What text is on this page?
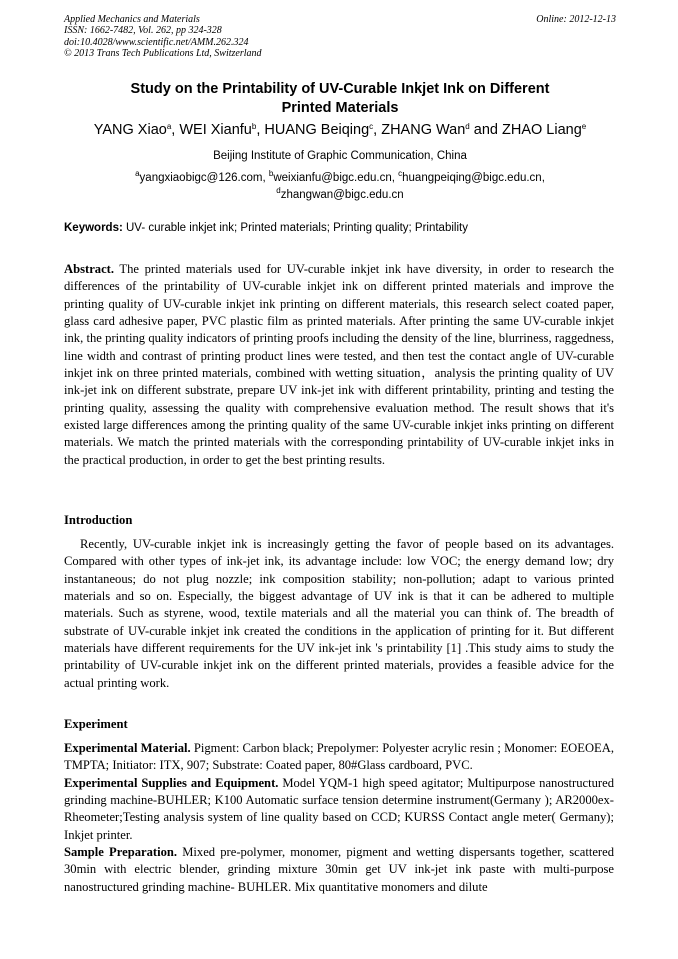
Applied Mechanics and Materials
ISSN: 1662-7482, Vol. 262, pp 324-328
doi:10.4028/www.scientific.net/AMM.262.324
© 2013 Trans Tech Publications Ltd, Switzerland
Online: 2012-12-13
Study on the Printability of UV-Curable Inkjet Ink on Different
Printed Materials
YANG Xiao$^a$, WEI Xianfu$^b$, HUANG Beiqing$^c$, ZHANG Wan$^d$ and ZHAO Liang$^e$
Beijing Institute of Graphic Communication, China
$^a$yangxiaobigc@126.com, $^b$weixianfu@bigc.edu.cn, $^c$huangpeiqing@bigc.edu.cn,
$^d$zhangwan@bigc.edu.cn
Keywords: UV- curable inkjet ink; Printed materials; Printing quality; Printability
Abstract. The printed materials used for UV-curable inkjet ink have diversity, in order to research the differences of the printability of UV-curable inkjet ink on different printed materials and improve the printing quality of UV-curable inkjet ink printing on different materials, this research select coated paper, glass card adhesive paper, PVC plastic film as printed materials. After printing the same UV-curable inkjet ink, the printing quality indicators of printing proofs including the density of the line, blurriness, raggedness, line width and contrast of printing product lines were tested, and then test the contact angle of UV-curable inkjet ink on three printed materials, combined with wetting situation，analysis the printing quality of UV ink-jet ink on different substrate, prepare UV ink-jet ink with different printability, printing and testing the printing quality, assessing the quality with comprehensive evaluation method. The result shows that it's existed large differences among the printing quality of the same UV-curable inkjet inks printing on different materials. We match the printed materials with the corresponding printability of UV-curable inkjet inks in the practical production, in order to get the best printing results.
Introduction

Recently, UV-curable inkjet ink is increasingly getting the favor of people based on its advantages. Compared with other types of ink-jet ink, its advantage include: low VOC; the energy demand low; dry instantaneous; do not plug nozzle; ink composition stability; non-pollution; adapt to various printed materials and so on. Especially, the biggest advantage of UV ink is that it can be adhered to multiple materials. Such as styrene, wood, textile materials and all the material you can think of. The breadth of substrate of UV-curable inkjet ink created the conditions in the application of printing for it. But different materials have different requirements for the UV ink-jet ink 's printability [1] .This study aims to study the printability of UV-curable inkjet ink on the different printed materials, provides a feasible advice for the actual printing work.

Experiment

Experimental Material. Pigment: Carbon black; Prepolymer: Polyester acrylic resin ; Monomer: EOEOEA, TMPTA; Initiator: ITX, 907; Substrate: Coated paper, 80#Glass cardboard, PVC.

Experimental Supplies and Equipment. Model YQM-1 high speed agitator; Multipurpose nanostructured grinding machine-BUHLER; K100 Automatic surface tension determine instrument(Germany ); AR2000ex-Rheometer;Testing analysis system of line quality based on CCD; KURSS Contact angle meter( Germany); Inkjet printer.

Sample Preparation. Mixed pre-polymer, monomer, pigment and wetting dispersants together, scattered 30min with electric blender, grinding mixture 30min get UV ink-jet ink paste with multi-purpose nanostructured grinding machine- BUHLER. Mix quantitative monomers and dilute
